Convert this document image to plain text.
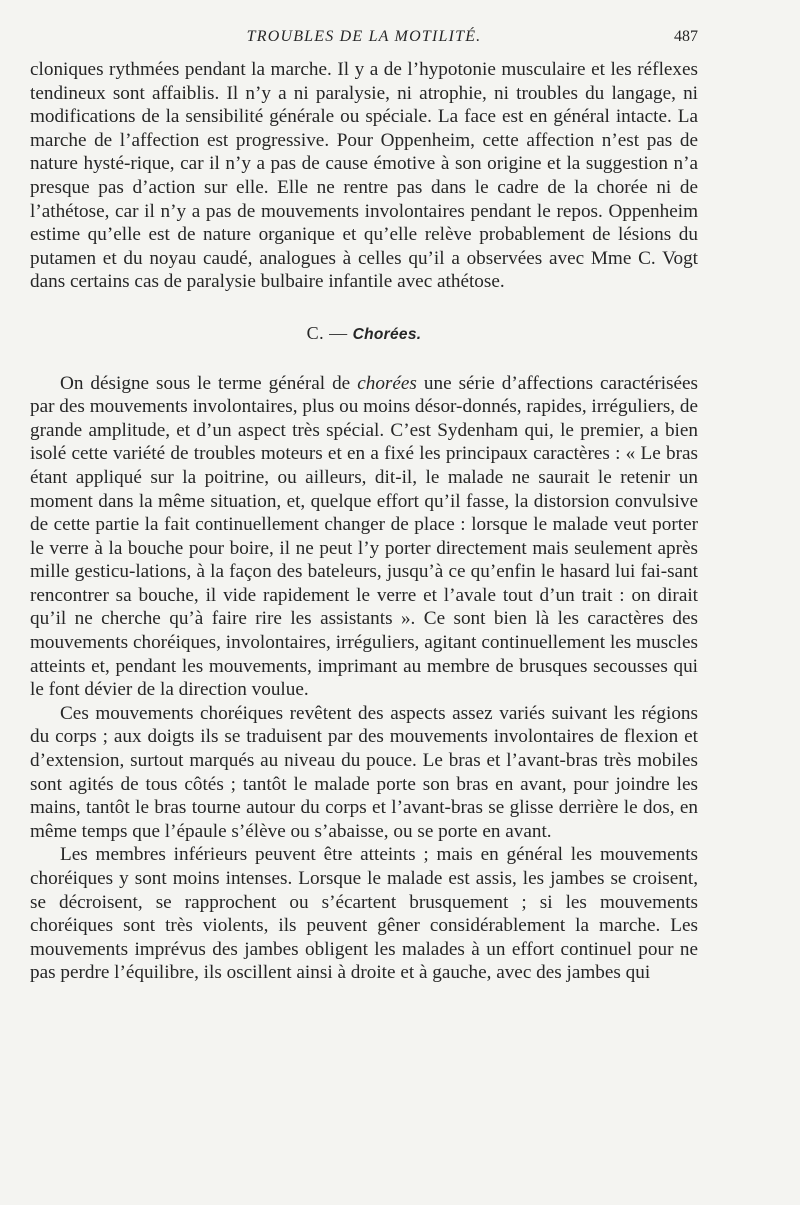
TROUBLES DE LA MOTILITÉ.	487

cloniques rythmées pendant la marche. Il y a de l’hypotonie musculaire et les réflexes tendineux sont affaiblis. Il n’y a ni paralysie, ni atrophie, ni troubles du langage, ni modifications de la sensibilité générale ou spéciale. La face est en général intacte. La marche de l’affection est progressive. Pour Oppenheim, cette affection n’est pas de nature hysté-rique, car il n’y a pas de cause émotive à son origine et la suggestion n’a presque pas d’action sur elle. Elle ne rentre pas dans le cadre de la chorée ni de l’athétose, car il n’y a pas de mouvements involontaires pendant le repos. Oppenheim estime qu’elle est de nature organique et qu’elle relève probablement de lésions du putamen et du noyau caudé, analogues à celles qu’il a observées avec Mme C. Vogt dans certains cas de paralysie bulbaire infantile avec athétose.

C. — Chorées.

On désigne sous le terme général de chorées une série d’affections caractérisées par des mouvements involontaires, plus ou moins désor-donnés, rapides, irréguliers, de grande amplitude, et d’un aspect très spécial. C’est Sydenham qui, le premier, a bien isolé cette variété de troubles moteurs et en a fixé les principaux caractères : « Le bras étant appliqué sur la poitrine, ou ailleurs, dit-il, le malade ne saurait le retenir un moment dans la même situation, et, quelque effort qu’il fasse, la distorsion convulsive de cette partie la fait continuellement changer de place : lorsque le malade veut porter le verre à la bouche pour boire, il ne peut l’y porter directement mais seulement après mille gesticu-lations, à la façon des bateleurs, jusqu’à ce qu’enfin le hasard lui fai-sant rencontrer sa bouche, il vide rapidement le verre et l’avale tout d’un trait : on dirait qu’il ne cherche qu’à faire rire les assistants ». Ce sont bien là les caractères des mouvements choréiques, involontaires, irréguliers, agitant continuellement les muscles atteints et, pendant les mouvements, imprimant au membre de brusques secousses qui le font dévier de la direction voulue.

Ces mouvements choréiques revêtent des aspects assez variés suivant les régions du corps ; aux doigts ils se traduisent par des mouvements involontaires de flexion et d’extension, surtout marqués au niveau du pouce. Le bras et l’avant-bras très mobiles sont agités de tous côtés ; tantôt le malade porte son bras en avant, pour joindre les mains, tantôt le bras tourne autour du corps et l’avant-bras se glisse derrière le dos, en même temps que l’épaule s’élève ou s’abaisse, ou se porte en avant.

Les membres inférieurs peuvent être atteints ; mais en général les mouvements choréiques y sont moins intenses. Lorsque le malade est assis, les jambes se croisent, se décroisent, se rapprochent ou s’écartent brusquement ; si les mouvements choréiques sont très violents, ils peuvent gêner considérablement la marche. Les mouvements imprévus des jambes obligent les malades à un effort continuel pour ne pas perdre l’équilibre, ils oscillent ainsi à droite et à gauche, avec des jambes qui
